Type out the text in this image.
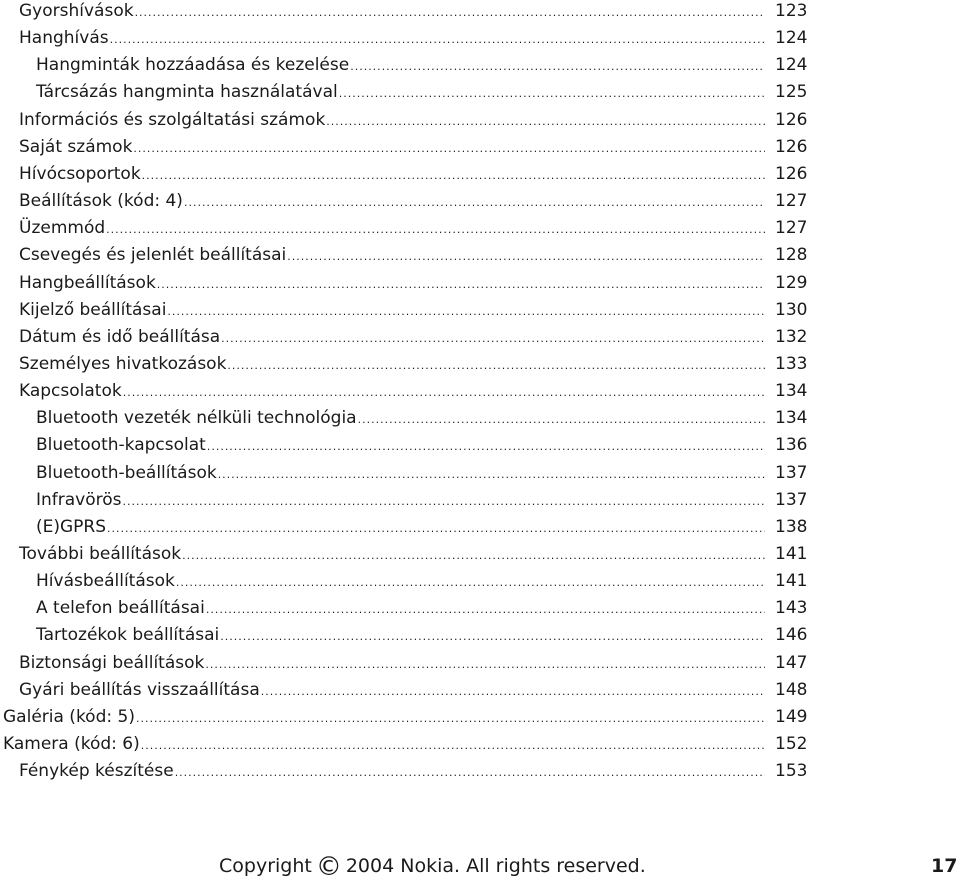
Gyorshívások .....	123
Hanghívás .....	124
Hangminták hozzáadása és kezelése .....	124
Tárcsázás hangminta használatával .....	125
Információs és szolgáltatási számok .....	126
Saját számok .....	126
Hívócsoportok .....	126
Beállítások (kód: 4) .....	127
Üzemmód .....	127
Csevegés és jelenlét beállításai .....	128
Hangbeállítások .....	129
Kijelző beállításai .....	130
Dátum és idő beállítása .....	132
Személyes hivatkozások .....	133
Kapcsolatok .....	134
Bluetooth vezeték nélküli technológia .....	134
Bluetooth-kapcsolat .....	136
Bluetooth-beállítások .....	137
Infravörös .....	137
(E)GPRS .....	138
További beállítások .....	141
Hívásbeállítások .....	141
A telefon beállításai .....	143
Tartozékok beállításai .....	146
Biztonsági beállítások .....	147
Gyári beállítás visszaállítása .....	148
Galéria (kód: 5) .....	149
Kamera (kód: 6) .....	152
Fénykép készítése .....	153
Copyright © 2004 Nokia. All rights reserved.	17
